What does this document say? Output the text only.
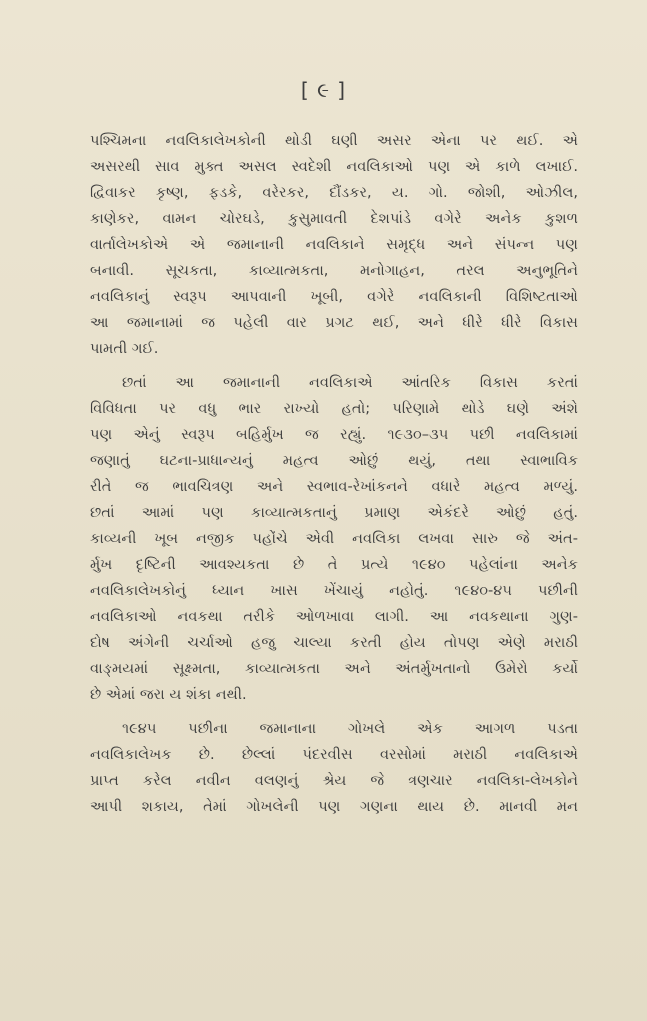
[ ૯ ]
પશ્ચિમના નવલિકાલેખકોની થોડી ઘણી અસર એના પર થઈ. એ
અસરથી સાવ મુક્ત અસલ સ્વદેશી નવલિકાઓ પણ એ કાળે લખાઈ.
દ્વિવાકર કૃષ્ણ, ફડકે, વરેરકર, દૌંડકર, ય. ગો. જોશી, ઓઝીલ,
કાણેકર, વામન ચોરઘડે, કુસુમાવતી દેશપાંડે વગેરે અનેક કુશળ
વાર્તાલેખકોએ એ જમાનાની નવલિકાને સમૃદ્ધ અને સંપન્ન પણ
બનાવી. સૂચકતા, કાવ્યાત્મકતા, મનોગાહન, તરલ અનુભૂતિને
નવલિકાનું સ્વરૂપ આપવાની ખૂબી, વગેરે નવલિકાની વિશિષ્ટતાઓ
આ જમાનામાં જ પહેલી વાર પ્રગટ થઈ, અને ધીરે ધીરે વિકાસ
પામતી ગઈ.
છતાં આ જમાનાની નવલિકાએ આંતરિક વિકાસ કરતાં
વિવિધતા પર વધુ ભાર રાખ્યો હતો; પરિણામે થોડે ઘણે અંશે
પણ એનું સ્વરૂપ બહિર્મુખ જ રહ્યું. ૧૯૩૦–૩૫ પછી નવલિકામાં
જણાતું ઘટના-પ્રાધાન્યનું મહત્વ ઓછું થયું, તથા સ્વાભાવિક
રીતે જ ભાવચિત્રણ અને સ્વભાવ-રેખાંકનને વધારે મહત્વ મળ્યું.
છતાં આમાં પણ કાવ્યાત્મકતાનું પ્રમાણ એકંદરે ઓછું હતું.
કાવ્યની ખૂબ નજીક પહોંચે એવી નવલિકા લખવા સારુ જે અંત-
ર્મુખ દૃષ્ટિની આવશ્યકતા છે તે પ્રત્યે ૧૯૪૦ પહેલાંના અનેક
નવલિકાલેખકોનું ધ્યાન ખાસ ખેંચાયું નહોતું. ૧૯૪૦-૪૫ પછીની
નવલિકાઓ નવકથા તરીકે ઓળખાવા લાગી. આ નવકથાના ગુણ-
દોષ અંગેની ચર્ચાઓ હજુ ચાલ્યા કરતી હોય તોપણ એણે મરાઠી
વાઙ્મયમાં સૂક્ષ્મતા, કાવ્યાત્મકતા અને અંતર્મુખતાનો ઉમેરો કર્યો
છે એમાં જરા ય શંકા નથી.
૧૯૪૫ પછીના જમાનાના ગોખલે એક આગળ પડતા
નવલિકાલેખક છે. છેલ્લાં પંદરવીસ વરસોમાં મરાઠી નવલિકાએ
પ્રાપ્ત કરેલ નવીન વલણનું શ્રેય જે ત્રણચાર નવલિકા-લેખકોને
આપી શકાય, તેમાં ગોખલેની પણ ગણના થાય છે. માનવી મન
